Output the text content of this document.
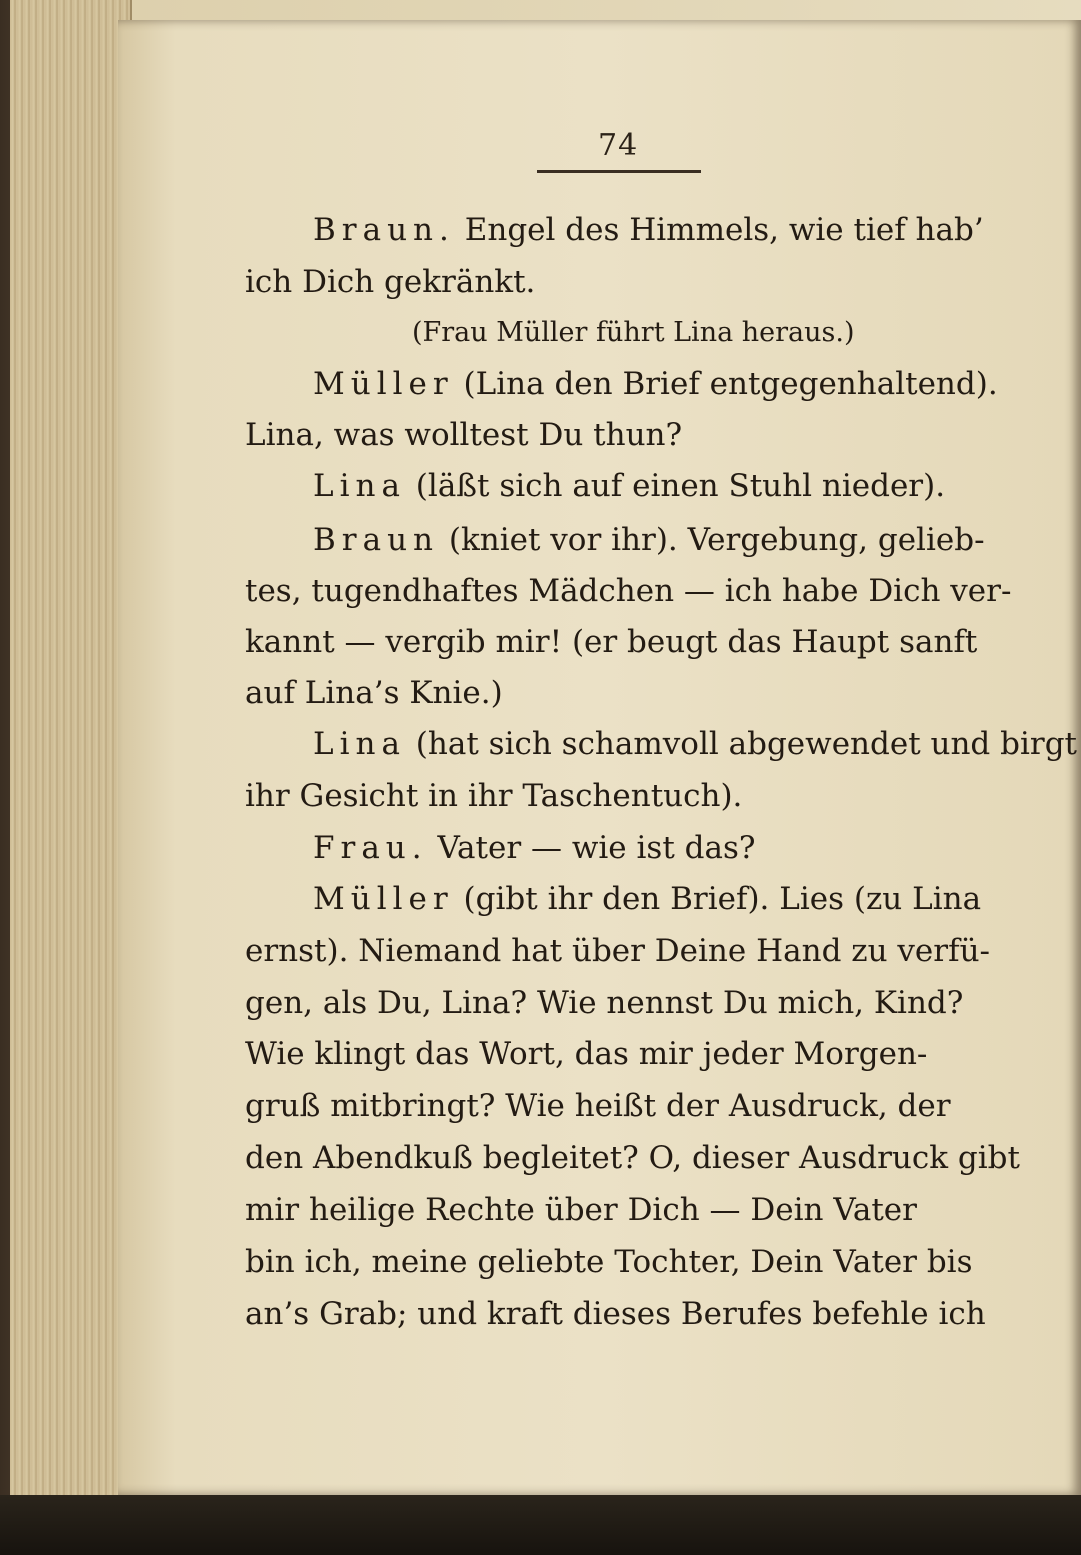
74
Braun. Engel des Himmels, wie tief hab’
ich Dich gekränkt.
(Frau Müller führt Lina heraus.)
Müller (Lina den Brief entgegenhaltend).
Lina, was wolltest Du thun?
Lina (läßt sich auf einen Stuhl nieder).
Braun (kniet vor ihr). Vergebung, gelieb-
tes, tugendhaftes Mädchen — ich habe Dich ver-
kannt — vergib mir! (er beugt das Haupt sanft
auf Lina’s Knie.)
Lina (hat sich schamvoll abgewendet und birgt
ihr Gesicht in ihr Taschentuch).
Frau. Vater — wie ist das?
Müller (gibt ihr den Brief). Lies (zu Lina
ernst). Niemand hat über Deine Hand zu verfü-
gen, als Du, Lina? Wie nennst Du mich, Kind?
Wie klingt das Wort, das mir jeder Morgen-
gruß mitbringt? Wie heißt der Ausdruck, der
den Abendkuß begleitet? O, dieser Ausdruck gibt
mir heilige Rechte über Dich — Dein Vater
bin ich, meine geliebte Tochter, Dein Vater bis
an’s Grab; und kraft dieses Berufes befehle ich
